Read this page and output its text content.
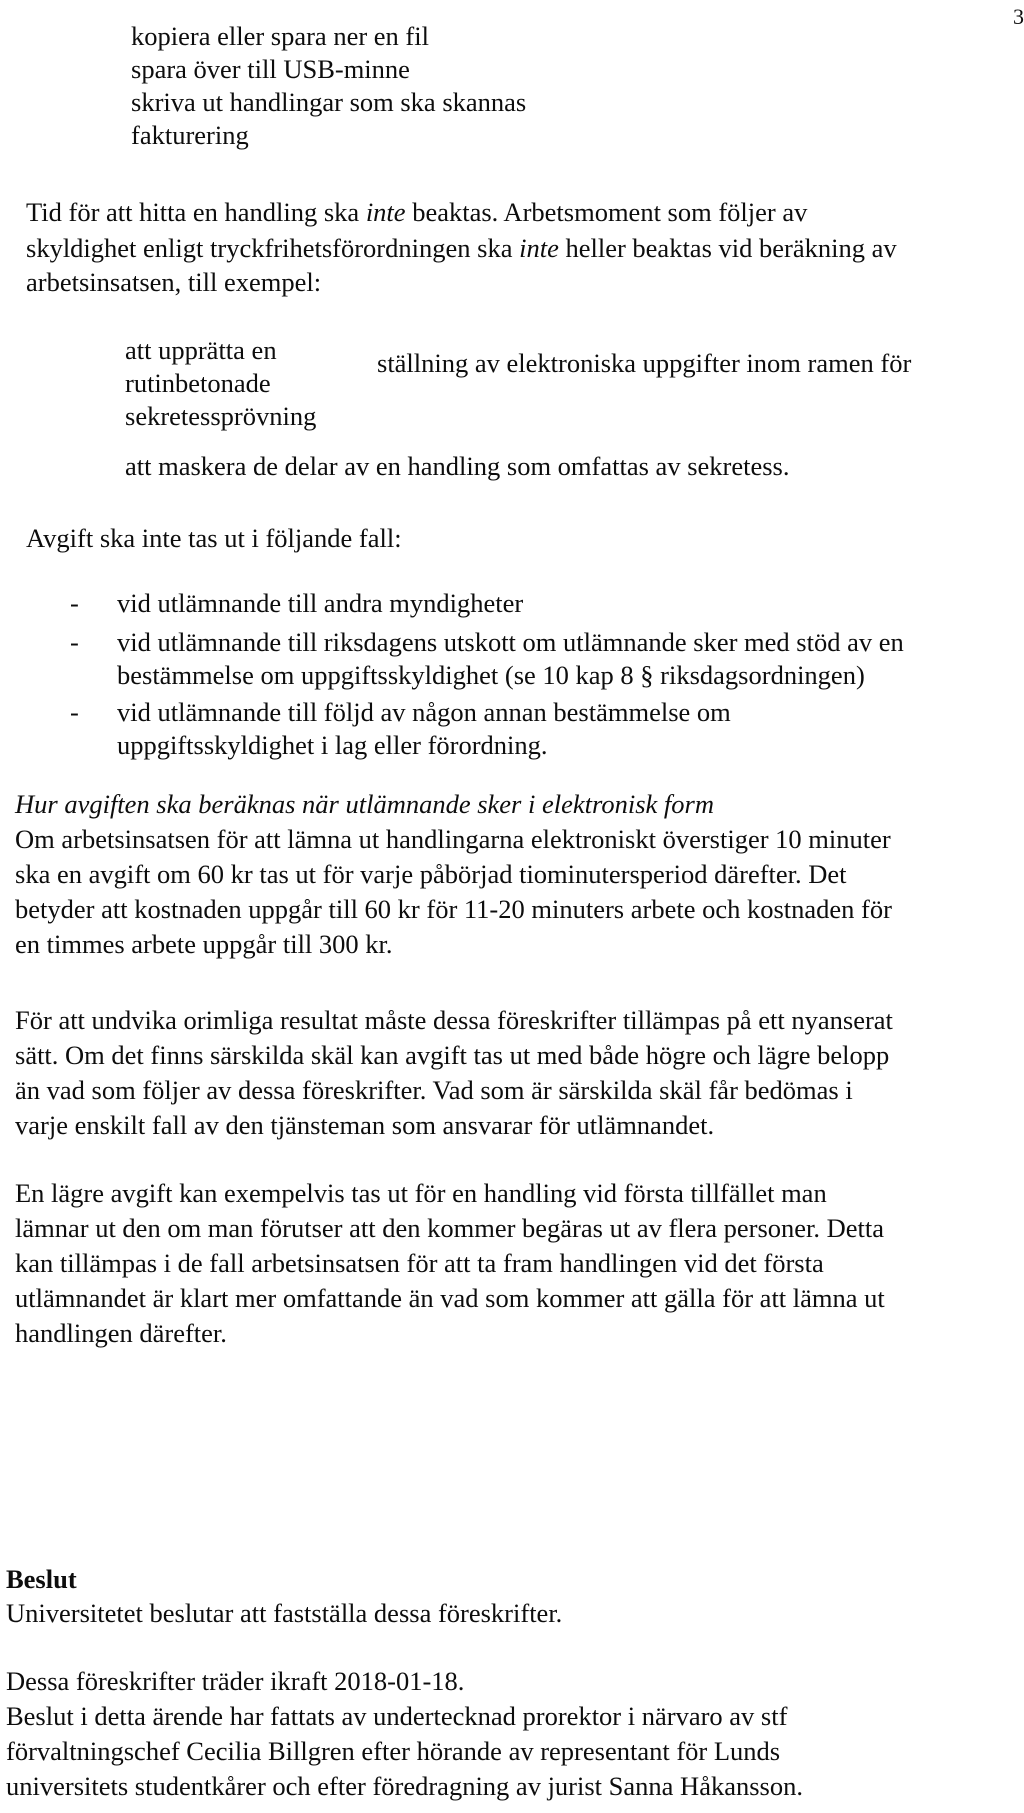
3
kopiera eller spara ner en fil
spara över till USB-minne
skriva ut handlingar som ska skannas
fakturering
Tid för att hitta en handling ska inte beaktas. Arbetsmoment som följer av
skyldighet enligt tryckfrihetsförordningen ska inte heller beaktas vid beräkning av
arbetsinsatsen, till exempel:
att upprätta en
rutinbetonade
sekretessprövning
ställning av elektroniska uppgifter inom ramen för
att maskera de delar av en handling som omfattas av sekretess.
Avgift ska inte tas ut i följande fall:
- vid utlämnande till andra myndigheter
- vid utlämnande till riksdagens utskott om utlämnande sker med stöd av en
bestämmelse om uppgiftsskyldighet (se 10 kap 8 § riksdagsordningen)
- vid utlämnande till följd av någon annan bestämmelse om
uppgiftsskyldighet i lag eller förordning.
Hur avgiften ska beräknas när utlämnande sker i elektronisk form
Om arbetsinsatsen för att lämna ut handlingarna elektroniskt överstiger 10 minuter
ska en avgift om 60 kr tas ut för varje påbörjad tiominutersperiod därefter. Det
betyder att kostnaden uppgår till 60 kr för 11-20 minuters arbete och kostnaden för
en timmes arbete uppgår till 300 kr.
För att undvika orimliga resultat måste dessa föreskrifter tillämpas på ett nyanserat
sätt. Om det finns särskilda skäl kan avgift tas ut med både högre och lägre belopp
än vad som följer av dessa föreskrifter. Vad som är särskilda skäl får bedömas i
varje enskilt fall av den tjänsteman som ansvarar för utlämnandet.
En lägre avgift kan exempelvis tas ut för en handling vid första tillfället man
lämnar ut den om man förutser att den kommer begäras ut av flera personer. Detta
kan tillämpas i de fall arbetsinsatsen för att ta fram handlingen vid det första
utlämnandet är klart mer omfattande än vad som kommer att gälla för att lämna ut
handlingen därefter.
Beslut
Universitetet beslutar att fastställa dessa föreskrifter.
Dessa föreskrifter träder ikraft 2018-01-18.
Beslut i detta ärende har fattats av undertecknad prorektor i närvaro av stf
förvaltningschef Cecilia Billgren efter hörande av representant för Lunds
universitets studentkårer och efter föredragning av jurist Sanna Håkansson.
